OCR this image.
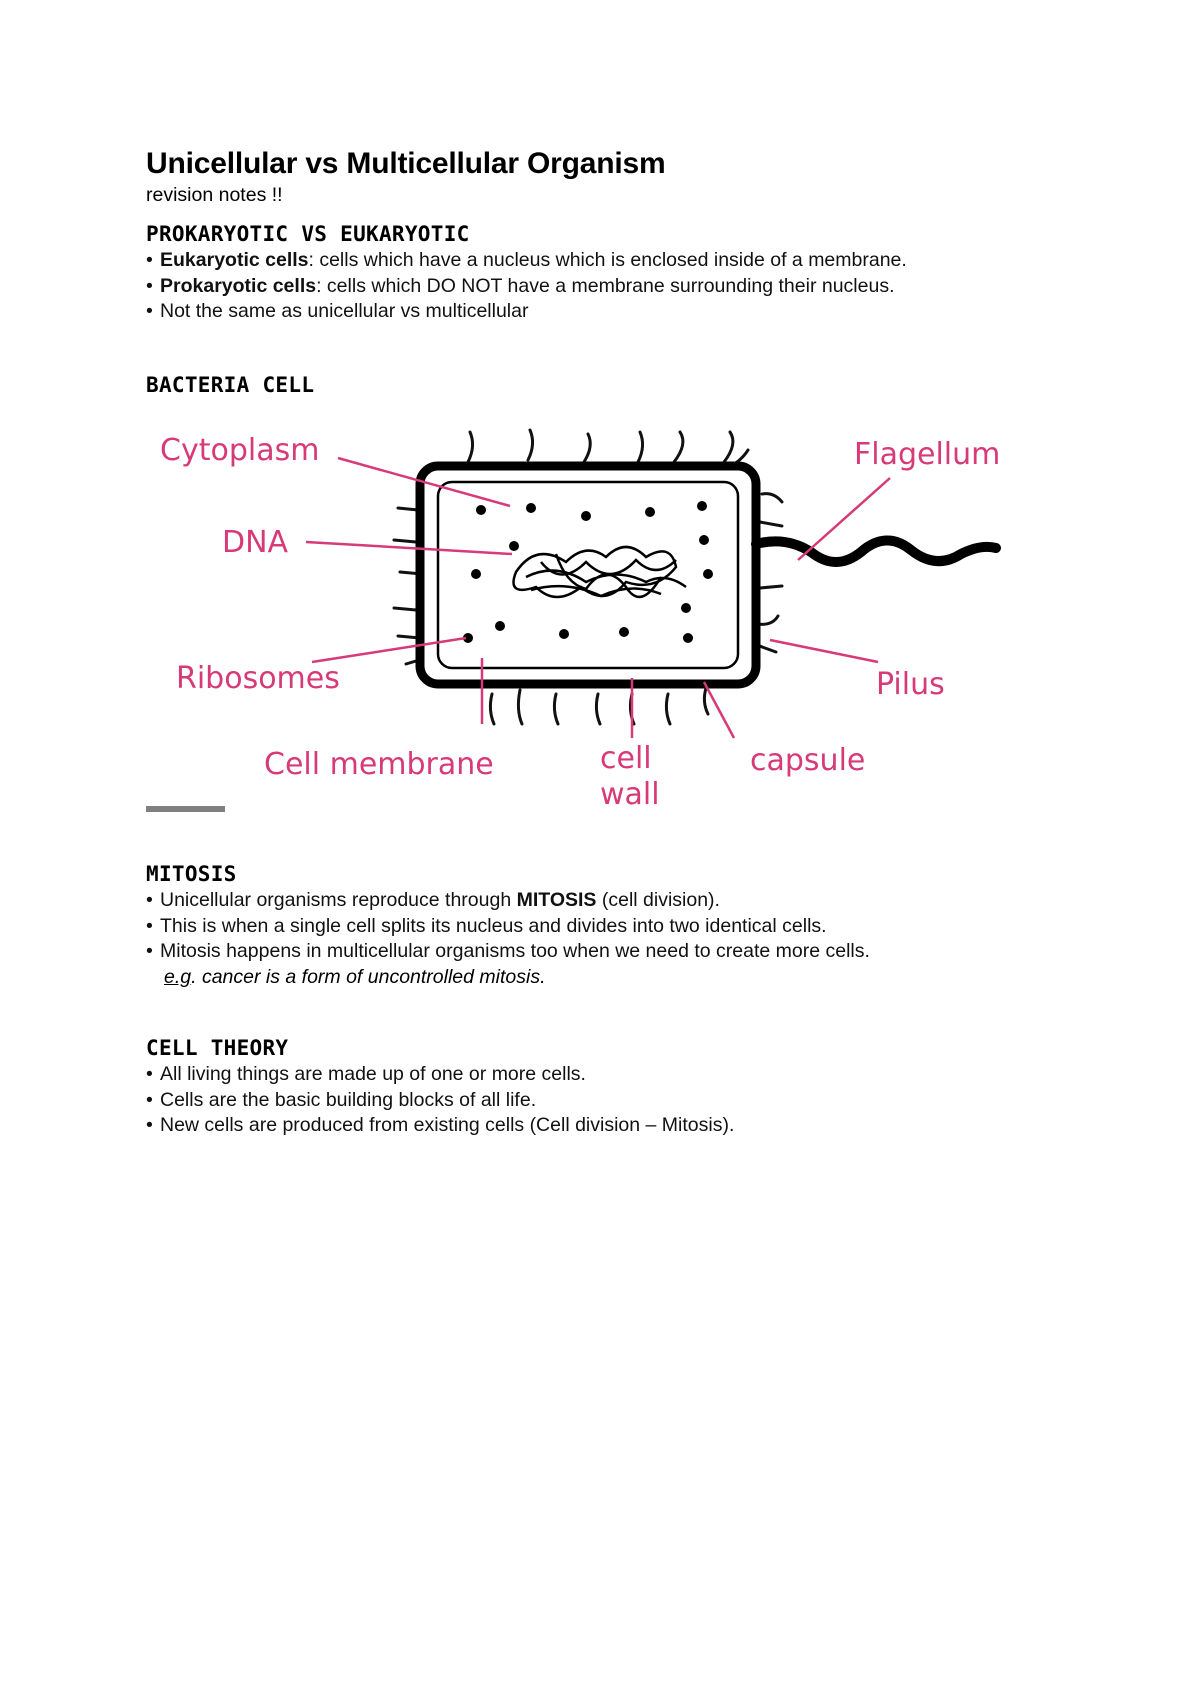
Unicellular vs Multicellular Organism

revision notes !!

PROKARYOTIC VS EUKARYOTIC

• Eukaryotic cells: cells which have a nucleus which is enclosed inside of a membrane.
• Prokaryotic cells: cells which DO NOT have a membrane surrounding their nucleus.
• Not the same as unicellular vs multicellular

BACTERIA CELL

Cytoplasm
DNA
Ribosomes
Cell membrane	cell
wall
capsule
Pilus
Flagellum

MITOSIS

• Unicellular organisms reproduce through MITOSIS (cell division).
• This is when a single cell splits its nucleus and divides into two identical cells.
• Mitosis happens in multicellular organisms too when we need to create more cells.
e.g. cancer is a form of uncontrolled mitosis.

CELL THEORY

• All living things are made up of one or more cells.
• Cells are the basic building blocks of all life.
• New cells are produced from existing cells (Cell division – Mitosis).
